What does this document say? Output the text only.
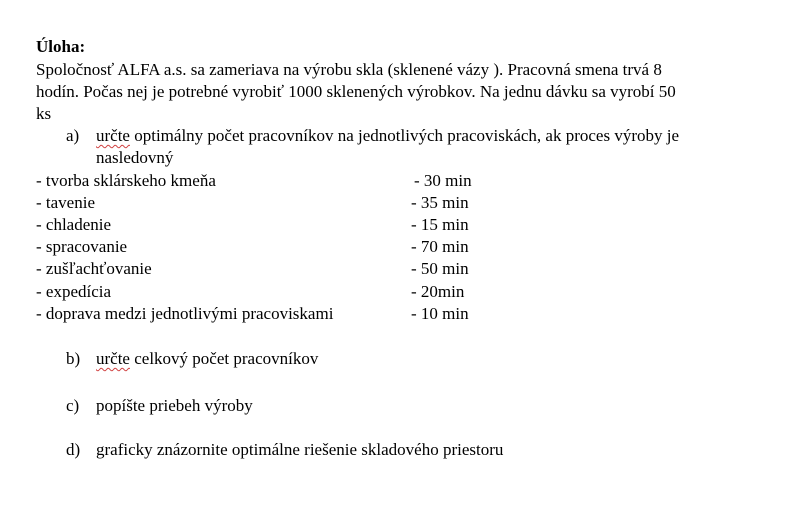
Úloha:
Spoločnosť ALFA a.s. sa zameriava na výrobu skla (sklenené vázy ). Pracovná smena trvá 8
hodín. Počas nej je potrebné vyrobiť 1000 sklenených výrobkov. Na jednu dávku sa vyrobí 50
ks
a) určte optimálny počet pracovníkov na jednotlivých pracoviskách, ak proces výroby je
nasledovný
- tvorba sklárskeho kmeňa	- 30 min
- tavenie	- 35 min
- chladenie	- 15 min
- spracovanie	- 70 min
- zušľachťovanie	- 50 min
- expedícia	- 20min
- doprava medzi jednotlivými pracoviskami	- 10 min
b) určte celkový počet pracovníkov
c) popíšte priebeh výroby
d) graficky znázornite optimálne riešenie skladového priestoru
